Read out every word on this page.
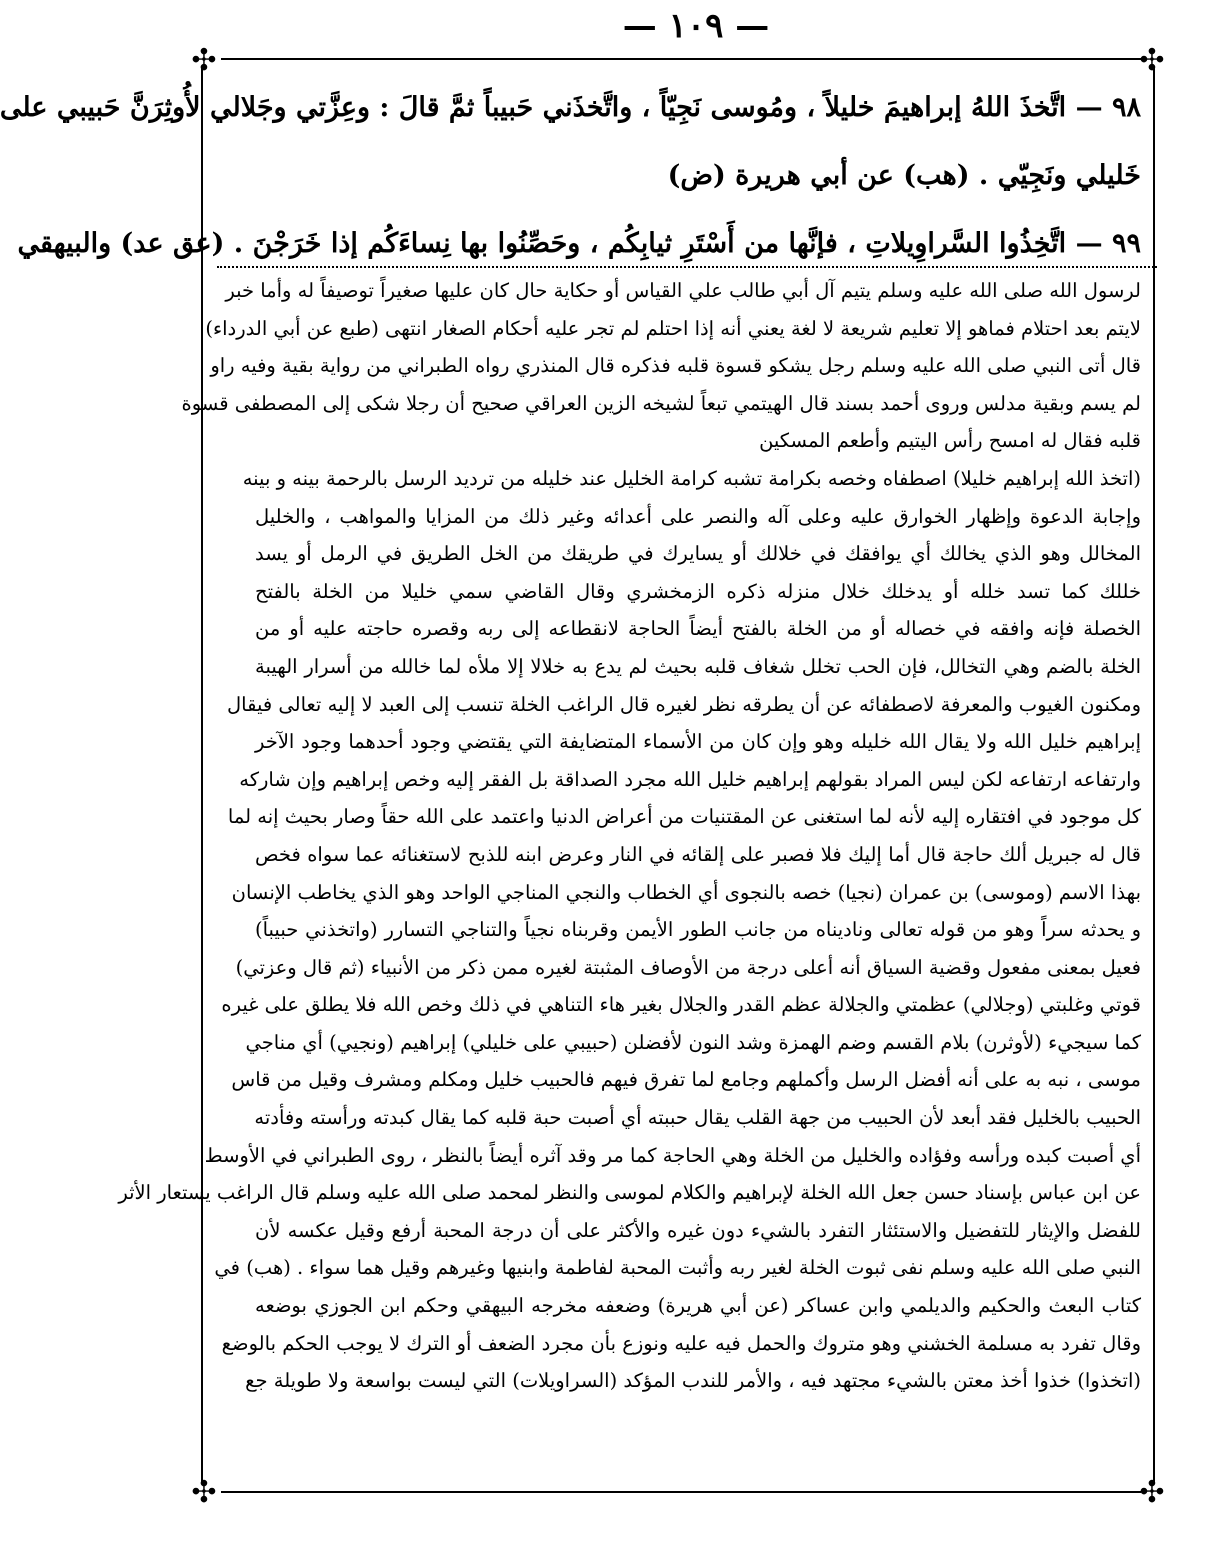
— ١٠٩ —
✣	✣
✣	✣
٩٨ — اتَّخذَ اللهُ إبراهيمَ خليلاً ، ومُوسى نَجِيّاً ، واتَّخذَني حَبيباً ثمَّ قالَ : وعِزَّتي وجَلالي لأُوثِرَنَّ حَبيبي على
خَليلي ونَجِيّي . (هب) عن أبي هريرة (ض)
٩٩ — اتَّخِذُوا السَّراوِيلاتِ ، فإنَّها من أَسْتَرِ ثيابِكُم ، وحَصِّنُوا بها نِساءَكُم إذا خَرَجْنَ . (عق عد) والبيهقي
لرسول الله صلى الله عليه وسلم يتيم آل أبي طالب علي القياس أو حكاية حال كان عليها صغيراً توصيفاً له وأما خبر
لايتم بعد احتلام فماهو إلا تعليم شريعة لا لغة يعني أنه إذا احتلم لم تجر عليه أحكام الصغار انتهى (طبع عن أبي الدرداء)
قال أتى النبي صلى الله عليه وسلم رجل يشكو قسوة قلبه فذكره قال المنذري رواه الطبراني من رواية بقية وفيه راو
لم يسم وبقية مدلس وروى أحمد بسند قال الهيتمي تبعاً لشيخه الزين العراقي صحيح أن رجلا شكى إلى المصطفى قسوة
قلبه فقال له امسح رأس اليتيم وأطعم المسكين
(اتخذ الله إبراهيم خليلا) اصطفاه وخصه بكرامة تشبه كرامة الخليل عند خليله من ترديد الرسل بالرحمة بينه و بينه
وإجابة الدعوة وإظهار الخوارق عليه وعلى آله والنصر على أعدائه وغير ذلك من المزايا والمواهب ، والخليل
المخالل وهو الذي يخالك أي يوافقك في خلالك أو يسايرك في طريقك من الخل الطريق في الرمل أو يسد
خللك كما تسد خلله أو يدخلك خلال منزله ذكره الزمخشري وقال القاضي سمي خليلا من الخلة بالفتح
الخصلة فإنه وافقه في خصاله أو من الخلة بالفتح أيضاً الحاجة لانقطاعه إلى ربه وقصره حاجته عليه أو من
الخلة بالضم وهي التخالل، فإن الحب تخلل شغاف قلبه بحيث لم يدع به خلالا إلا ملأه لما خالله من أسرار الهيبة
ومكنون الغيوب والمعرفة لاصطفائه عن أن يطرقه نظر لغيره قال الراغب الخلة تنسب إلى العبد لا إليه تعالى فيقال
إبراهيم خليل الله ولا يقال الله خليله وهو وإن كان من الأسماء المتضايفة التي يقتضي وجود أحدهما وجود الآخر
وارتفاعه ارتفاعه لكن ليس المراد بقولهم إبراهيم خليل الله مجرد الصداقة بل الفقر إليه وخص إبراهيم وإن شاركه
كل موجود في افتقاره إليه لأنه لما استغنى عن المقتنيات من أعراض الدنيا واعتمد على الله حقاً وصار بحيث إنه لما
قال له جبريل ألك حاجة قال أما إليك فلا فصبر على إلقائه في النار وعرض ابنه للذبح لاستغنائه عما سواه فخص
بهذا الاسم (وموسى) بن عمران (نجيا) خصه بالنجوى أي الخطاب والنجي المناجي الواحد وهو الذي يخاطب الإنسان
و يحدثه سراً وهو من قوله تعالى وناديناه من جانب الطور الأيمن وقربناه نجياً والتناجي التسارر (واتخذني حبيباً)
فعيل بمعنى مفعول وقضية السياق أنه أعلى درجة من الأوصاف المثبتة لغيره ممن ذكر من الأنبياء (ثم قال وعزتي)
قوتي وغلبتي (وجلالي) عظمتي والجلالة عظم القدر والجلال بغير هاء التناهي في ذلك وخص الله فلا يطلق على غيره
كما سيجيء (لأوثرن) بلام القسم وضم الهمزة وشد النون لأفضلن (حبيبي على خليلي) إبراهيم (ونجيي) أي مناجي
موسى ، نبه به على أنه أفضل الرسل وأكملهم وجامع لما تفرق فيهم فالحبيب خليل ومكلم ومشرف وقيل من قاس
الحبيب بالخليل فقد أبعد لأن الحبيب من جهة القلب يقال حببته أي أصبت حبة قلبه كما يقال كبدته ورأسته وفأدته
أي أصبت كبده ورأسه وفؤاده والخليل من الخلة وهي الحاجة كما مر وقد آثره أيضاً بالنظر ، روى الطبراني في الأوسط
عن ابن عباس بإسناد حسن جعل الله الخلة لإبراهيم والكلام لموسى والنظر لمحمد صلى الله عليه وسلم قال الراغب يستعار الأثر
للفضل والإيثار للتفضيل والاستئثار التفرد بالشيء دون غيره والأكثر على أن درجة المحبة أرفع وقيل عكسه لأن
النبي صلى الله عليه وسلم نفى ثبوت الخلة لغير ربه وأثبت المحبة لفاطمة وابنيها وغيرهم وقيل هما سواء . (هب) في
كتاب البعث والحكيم والديلمي وابن عساكر (عن أبي هريرة) وضعفه مخرجه البيهقي وحكم ابن الجوزي بوضعه
وقال تفرد به مسلمة الخشني وهو متروك والحمل فيه عليه ونوزع بأن مجرد الضعف أو الترك لا يوجب الحكم بالوضع
(اتخذوا) خذوا أخذ معتن بالشيء مجتهد فيه ، والأمر للندب المؤكد (السراويلات) التي ليست بواسعة ولا طويلة جع
